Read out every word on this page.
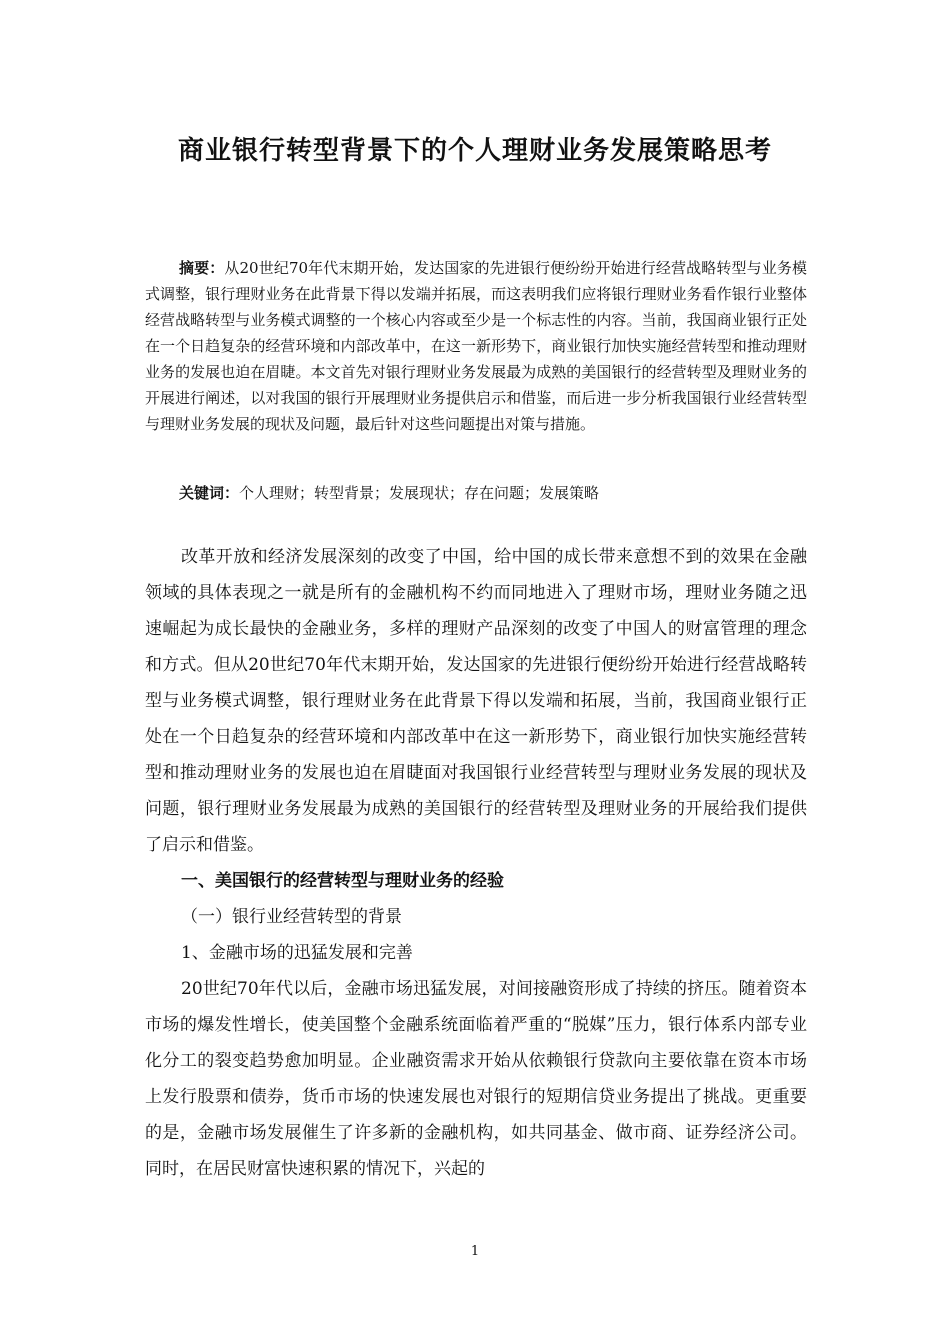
商业银行转型背景下的个人理财业务发展策略思考
摘要：从20世纪70年代末期开始，发达国家的先进银行便纷纷开始进行经营战略转型与业务模式调整，银行理财业务在此背景下得以发端并拓展，而这表明我们应将银行理财业务看作银行业整体经营战略转型与业务模式调整的一个核心内容或至少是一个标志性的内容。当前，我国商业银行正处在一个日趋复杂的经营环境和内部改革中，在这一新形势下，商业银行加快实施经营转型和推动理财业务的发展也迫在眉睫。本文首先对银行理财业务发展最为成熟的美国银行的经营转型及理财业务的开展进行阐述，以对我国的银行开展理财业务提供启示和借鉴，而后进一步分析我国银行业经营转型与理财业务发展的现状及问题，最后针对这些问题提出对策与措施。
关键词：个人理财；转型背景；发展现状；存在问题；发展策略

改革开放和经济发展深刻的改变了中国，给中国的成长带来意想不到的效果在金融领域的具体表现之一就是所有的金融机构不约而同地进入了理财市场，理财业务随之迅速崛起为成长最快的金融业务，多样的理财产品深刻的改变了中国人的财富管理的理念和方式。但从20世纪70年代末期开始，发达国家的先进银行便纷纷开始进行经营战略转型与业务模式调整，银行理财业务在此背景下得以发端和拓展，当前，我国商业银行正处在一个日趋复杂的经营环境和内部改革中在这一新形势下，商业银行加快实施经营转型和推动理财业务的发展也迫在眉睫面对我国银行业经营转型与理财业务发展的现状及问题，银行理财业务发展最为成熟的美国银行的经营转型及理财业务的开展给我们提供了启示和借鉴。

一、美国银行的经营转型与理财业务的经验

（一）银行业经营转型的背景

1、金融市场的迅猛发展和完善

20世纪70年代以后，金融市场迅猛发展，对间接融资形成了持续的挤压。随着资本市场的爆发性增长，使美国整个金融系统面临着严重的“脱媒”压力，银行体系内部专业化分工的裂变趋势愈加明显。企业融资需求开始从依赖银行贷款向主要依靠在资本市场上发行股票和债券，货币市场的快速发展也对银行的短期信贷业务提出了挑战。更重要的是，金融市场发展催生了许多新的金融机构，如共同基金、做市商、证券经济公司。同时，在居民财富快速积累的情况下，兴起的

1
